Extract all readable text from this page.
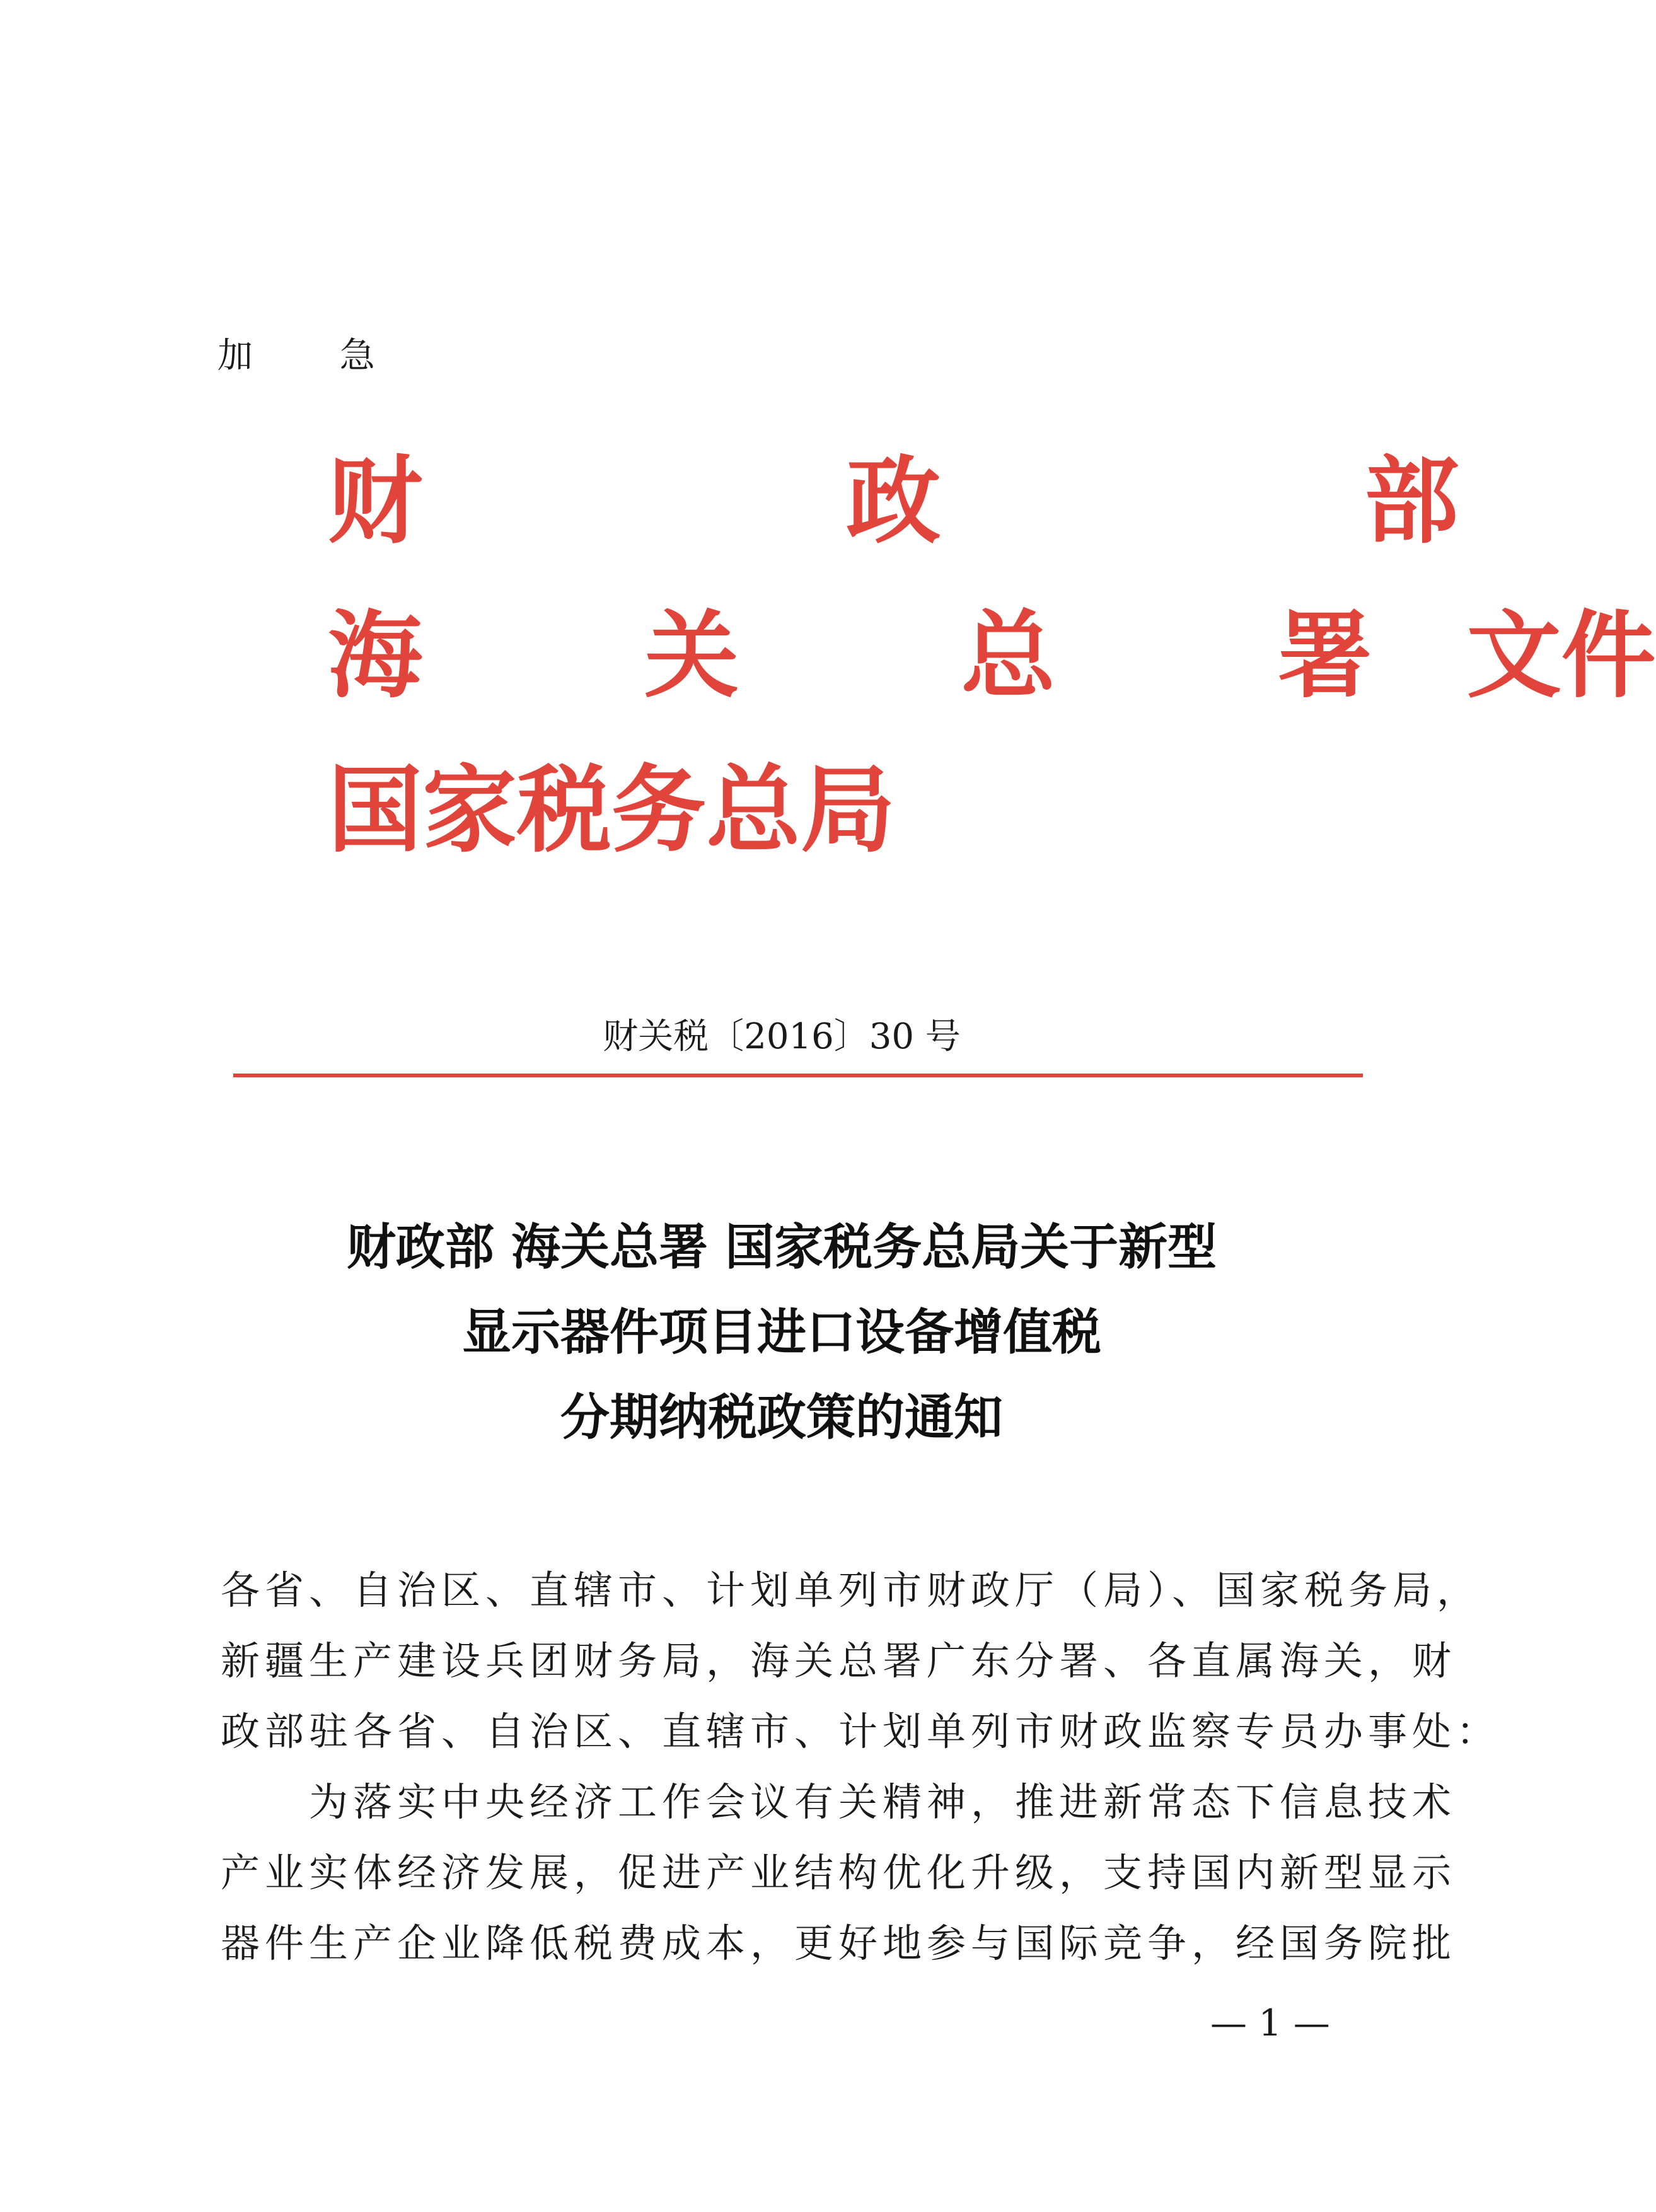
加 急
财 政 部
海 关 总 署文件
国家税务总局
财关税〔2016〕30 号
财政部 海关总署 国家税务总局关于新型
显示器件项目进口设备增值税
分期纳税政策的通知
各省、自治区、直辖市、计划单列市财政厅（局）、国家税务局，
新疆生产建设兵团财务局，海关总署广东分署、各直属海关，财
政部驻各省、自治区、直辖市、计划单列市财政监察专员办事处：
为落实中央经济工作会议有关精神，推进新常态下信息技术
产业实体经济发展，促进产业结构优化升级，支持国内新型显示
器件生产企业降低税费成本，更好地参与国际竞争，经国务院批
— 1 —
